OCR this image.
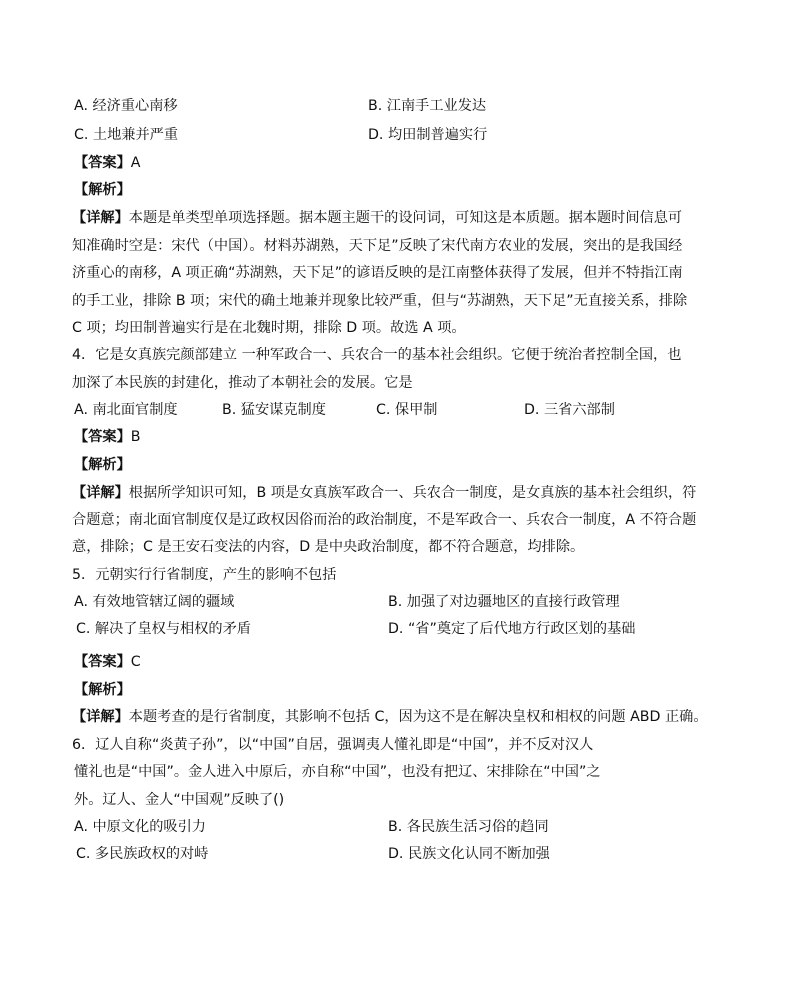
A. 经济重心南移	B. 江南手工业发达
C. 土地兼并严重	D. 均田制普遍实行
【答案】A
【解析】
【详解】本题是单类型单项选择题。据本题主题干的设问词，可知这是本质题。据本题时间信息可
知准确时空是：宋代（中国）。材料苏湖熟，天下足”反映了宋代南方农业的发展，突出的是我国经
济重心的南移，A 项正确“苏湖熟，天下足”的谚语反映的是江南整体获得了发展，但并不特指江南
的手工业，排除 B 项；宋代的确土地兼并现象比较严重，但与“苏湖熟，天下足”无直接关系，排除
C 项；均田制普遍实行是在北魏时期，排除 D 项。故选 A 项。
4．它是女真族完颜部建立 一种军政合一、兵农合一的基本社会组织。它便于统治者控制全国，也
加深了本民族的封建化，推动了本朝社会的发展。它是
A. 南北面官制度	B. 猛安谋克制度	C. 保甲制	D. 三省六部制
【答案】B
【解析】
【详解】根据所学知识可知，B 项是女真族军政合一、兵农合一制度，是女真族的基本社会组织，符
合题意；南北面官制度仅是辽政权因俗而治的政治制度，不是军政合一、兵农合一制度，A 不符合题
意，排除；C 是王安石变法的内容，D 是中央政治制度，都不符合题意，均排除。
5．元朝实行行省制度，产生的影响不包括
A. 有效地管辖辽阔的疆域	B. 加强了对边疆地区的直接行政管理
C. 解决了皇权与相权的矛盾	D. “省”奠定了后代地方行政区划的基础
【答案】C
【解析】
【详解】本题考查的是行省制度，其影响不包括 C，因为这不是在解决皇权和相权的问题 ABD 正确。
6．辽人自称“炎黄子孙”，以“中国”自居，强调夷人懂礼即是“中国”，并不反对汉人
懂礼也是“中国”。金人进入中原后，亦自称“中国”，也没有把辽、宋排除在“中国”之
外。辽人、金人“中国观”反映了()
A. 中原文化的吸引力	B. 各民族生活习俗的趋同
C. 多民族政权的对峙	D. 民族文化认同不断加强
